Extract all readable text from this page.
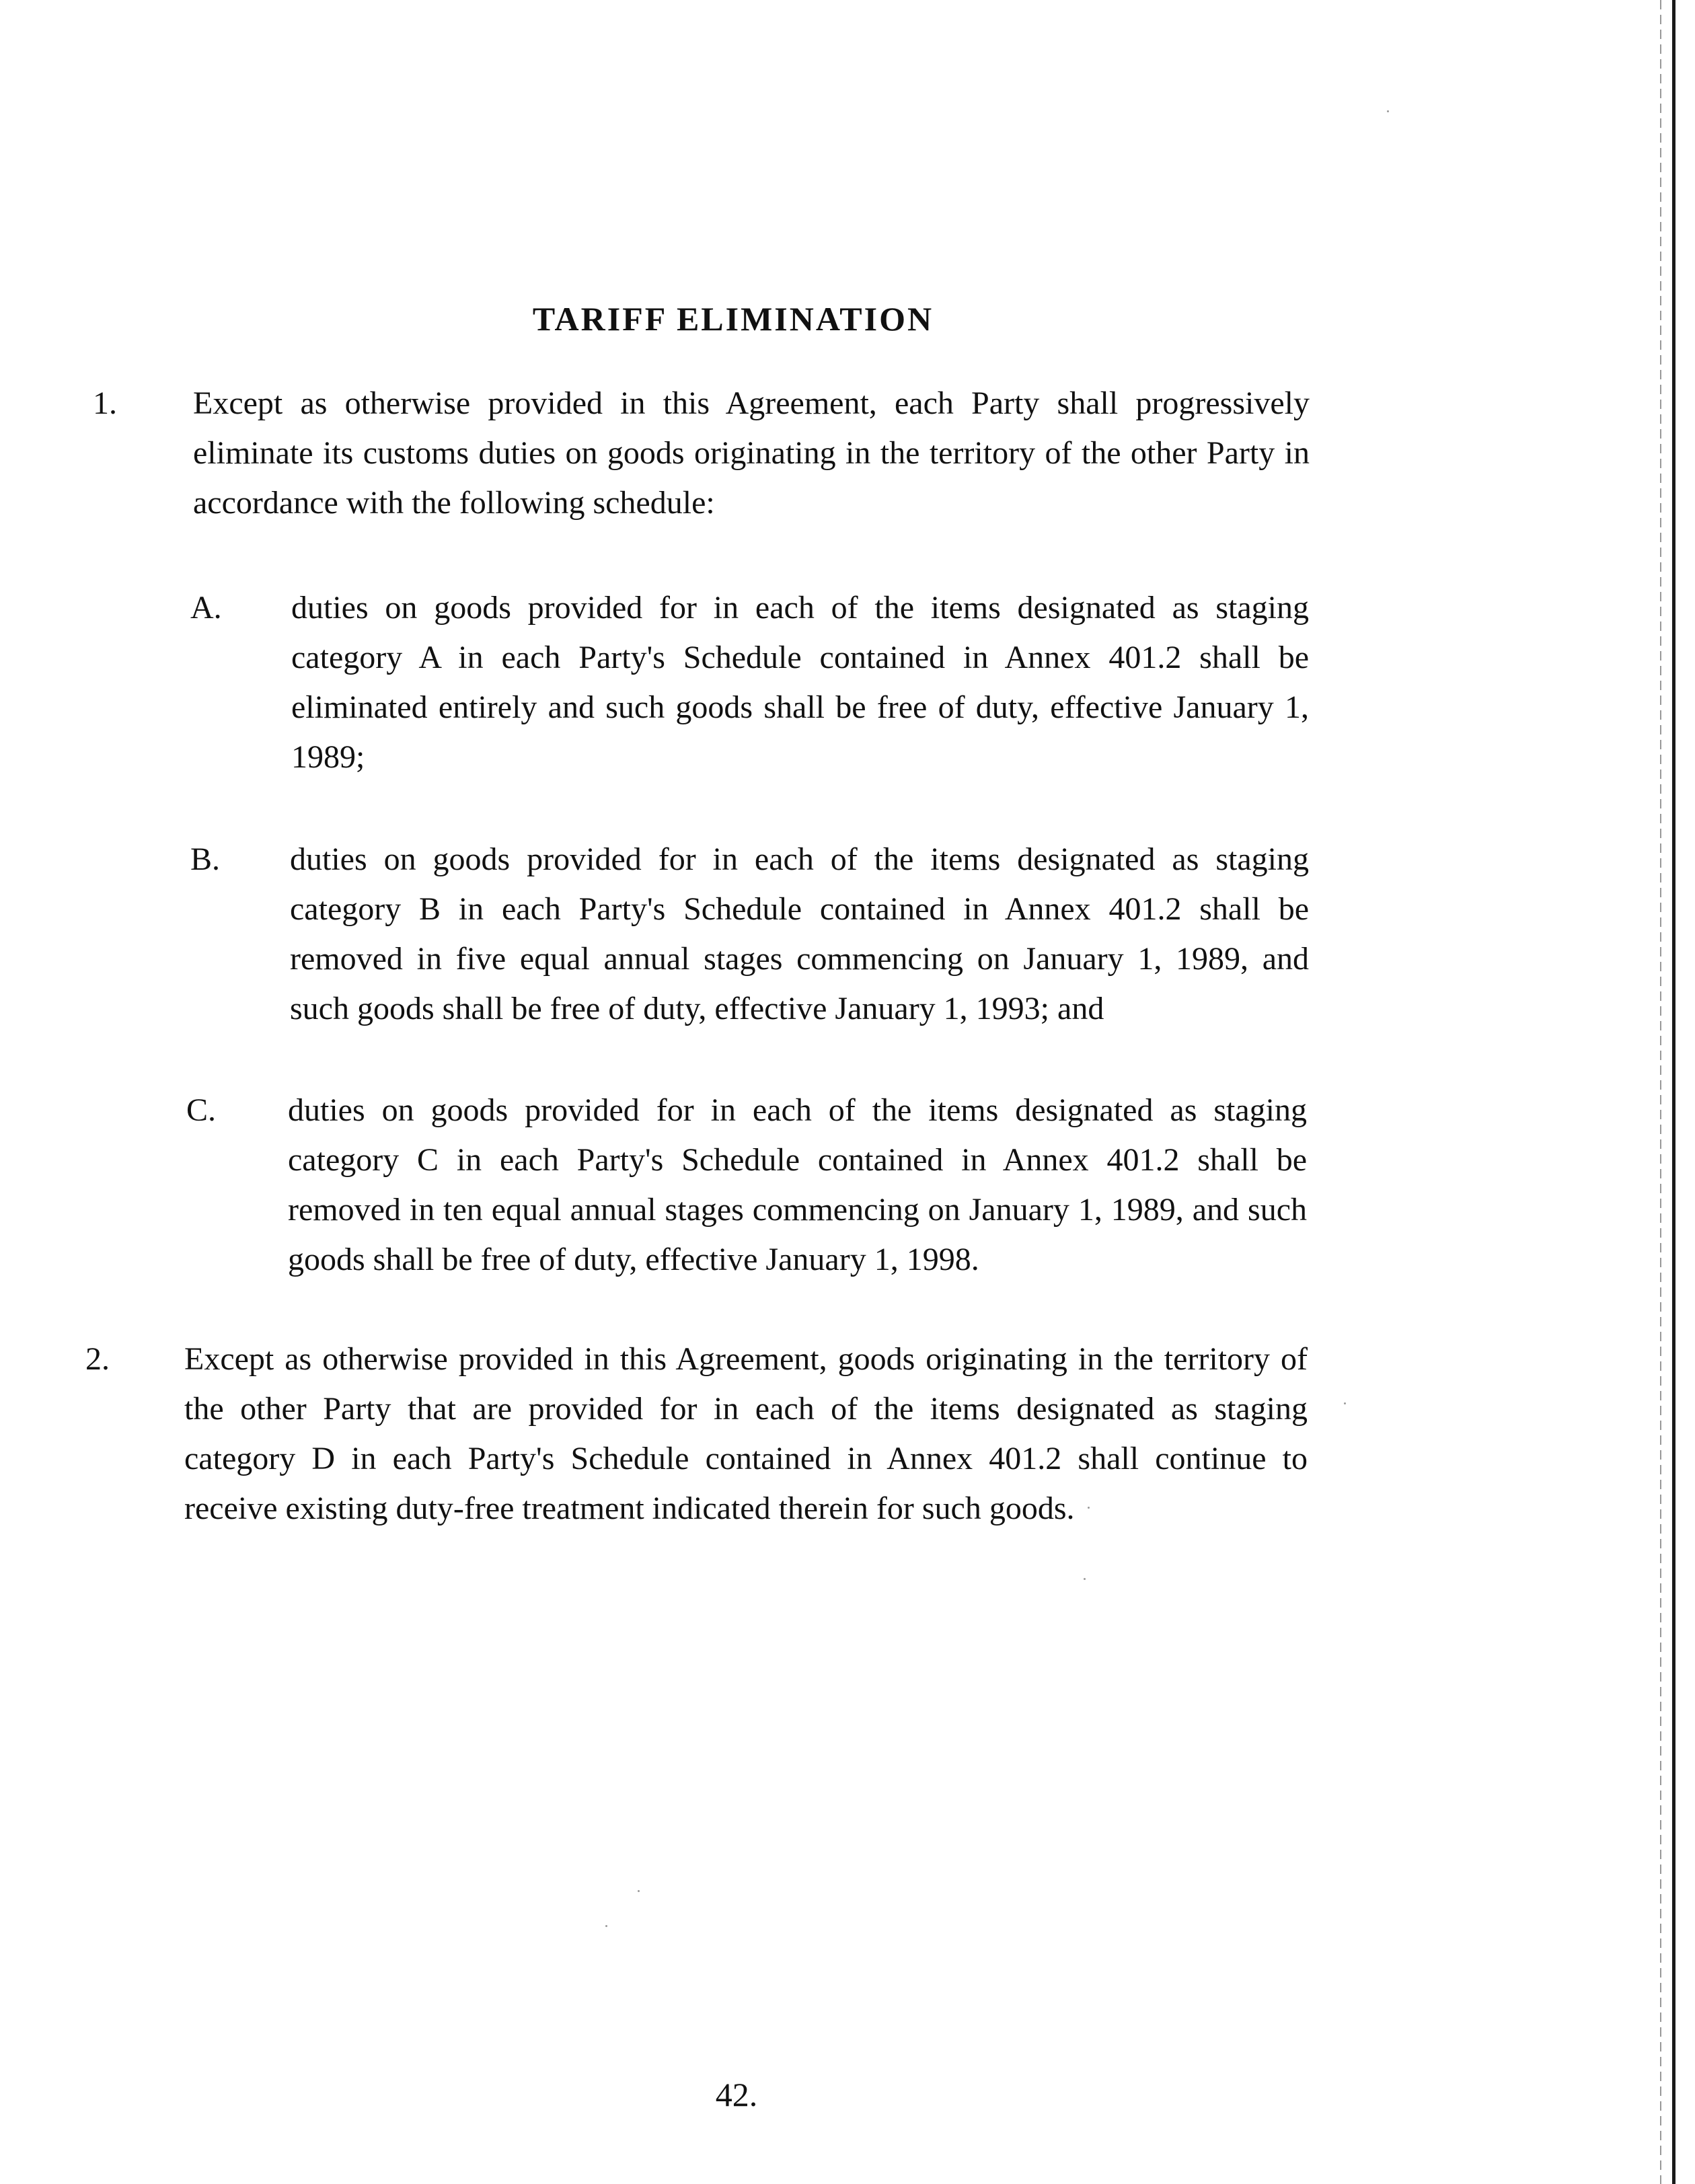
TARIFF ELIMINATION
1. Except as otherwise provided in this Agreement, each Party shall progressively eliminate its customs duties on goods originating in the territory of the other Party in accordance with the following schedule:

A. duties on goods provided for in each of the items designated as staging category A in each Party's Schedule contained in Annex 401.2 shall be eliminated entirely and such goods shall be free of duty, effective January 1, 1989;

B. duties on goods provided for in each of the items designated as staging category B in each Party's Schedule contained in Annex 401.2 shall be removed in five equal annual stages commencing on January 1, 1989, and such goods shall be free of duty, effective January 1, 1993; and

C. duties on goods provided for in each of the items designated as staging category C in each Party's Schedule contained in Annex 401.2 shall be removed in ten equal annual stages commencing on January 1, 1989, and such goods shall be free of duty, effective January 1, 1998.

2. Except as otherwise provided in this Agreement, goods originating in the territory of the other Party that are provided for in each of the items designated as staging category D in each Party's Schedule contained in Annex 401.2 shall continue to receive existing duty-free treatment indicated therein for such goods.

42.
